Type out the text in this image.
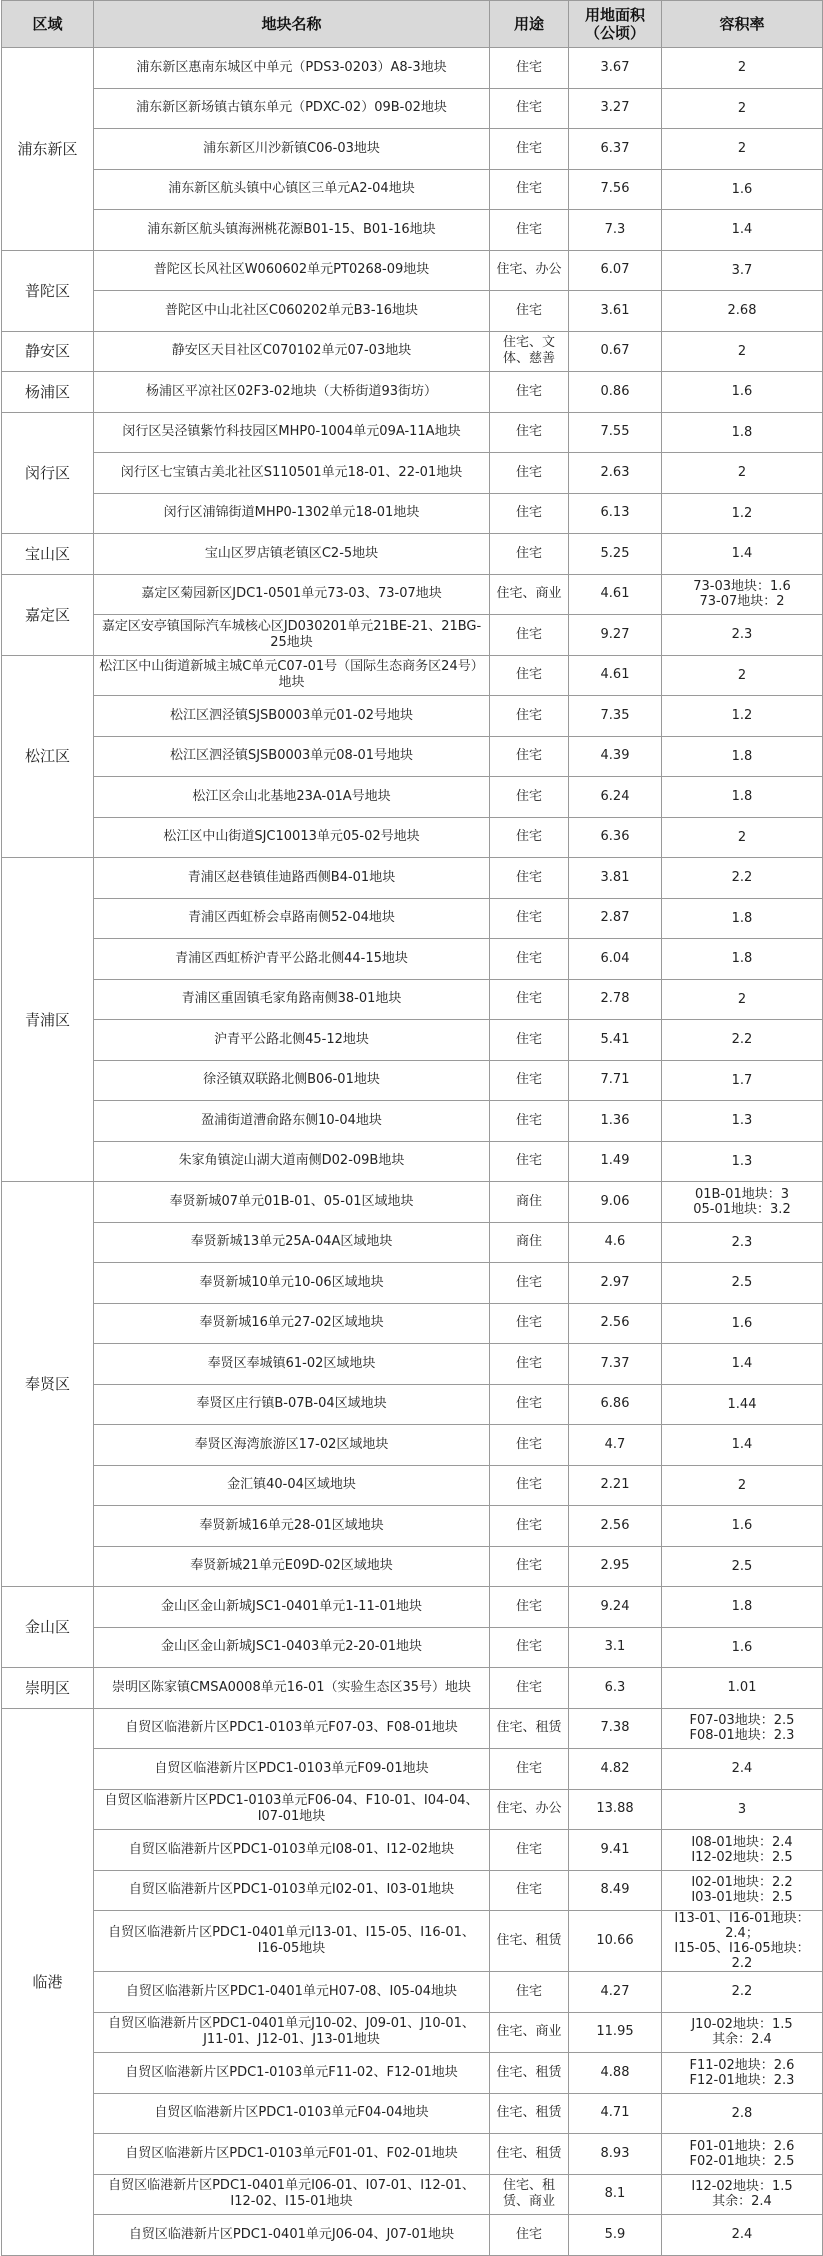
区域	地块名称	用途	用地面积
（公顷）	容积率
浦东新区	浦东新区惠南东城区中单元（PDS3-0203）A8-3地块	住宅	3.67	2
	浦东新区新场镇古镇东单元（PDXC-02）09B-02地块	住宅	3.27	2
	浦东新区川沙新镇C06-03地块	住宅	6.37	2
	浦东新区航头镇中心镇区三单元A2-04地块	住宅	7.56	1.6
	浦东新区航头镇海洲桃花源B01-15、B01-16地块	住宅	7.3	1.4
普陀区	普陀区长风社区W060602单元PT0268-09地块	住宅、办公	6.07	3.7
	普陀区中山北社区C060202单元B3-16地块	住宅	3.61	2.68
静安区	静安区天目社区C070102单元07-03地块	住宅、文体、慈善	0.67	2
杨浦区	杨浦区平凉社区02F3-02地块（大桥街道93街坊）	住宅	0.86	1.6
闵行区	闵行区吴泾镇紫竹科技园区MHP0-1004单元09A-11A地块	住宅	7.55	1.8
	闵行区七宝镇古美北社区S110501单元18-01、22-01地块	住宅	2.63	2
	闵行区浦锦街道MHP0-1302单元18-01地块	住宅	6.13	1.2
宝山区	宝山区罗店镇老镇区C2-5地块	住宅	5.25	1.4
嘉定区	嘉定区菊园新区JDC1-0501单元73-03、73-07地块	住宅、商业	4.61	73-03地块：1.6
73-07地块：2
	嘉定区安亭镇国际汽车城核心区JD030201单元21BE-21、21BG-25地块	住宅	9.27	2.3
松江区	松江区中山街道新城主城C单元C07-01号（国际生态商务区24号）地块	住宅	4.61	2
	松江区泗泾镇SJSB0003单元01-02号地块	住宅	7.35	1.2
	松江区泗泾镇SJSB0003单元08-01号地块	住宅	4.39	1.8
	松江区佘山北基地23A-01A号地块	住宅	6.24	1.8
	松江区中山街道SJC10013单元05-02号地块	住宅	6.36	2
青浦区	青浦区赵巷镇佳迪路西侧B4-01地块	住宅	3.81	2.2
	青浦区西虹桥会卓路南侧52-04地块	住宅	2.87	1.8
	青浦区西虹桥沪青平公路北侧44-15地块	住宅	6.04	1.8
	青浦区重固镇毛家角路南侧38-01地块	住宅	2.78	2
	沪青平公路北侧45-12地块	住宅	5.41	2.2
	徐泾镇双联路北侧B06-01地块	住宅	7.71	1.7
	盈浦街道漕俞路东侧10-04地块	住宅	1.36	1.3
	朱家角镇淀山湖大道南侧D02-09B地块	住宅	1.49	1.3
奉贤区	奉贤新城07单元01B-01、05-01区域地块	商住	9.06	01B-01地块：3
05-01地块：3.2
	奉贤新城13单元25A-04A区域地块	商住	4.6	2.3
	奉贤新城10单元10-06区域地块	住宅	2.97	2.5
	奉贤新城16单元27-02区域地块	住宅	2.56	1.6
	奉贤区奉城镇61-02区域地块	住宅	7.37	1.4
	奉贤区庄行镇B-07B-04区域地块	住宅	6.86	1.44
	奉贤区海湾旅游区17-02区域地块	住宅	4.7	1.4
	金汇镇40-04区域地块	住宅	2.21	2
	奉贤新城16单元28-01区域地块	住宅	2.56	1.6
	奉贤新城21单元E09D-02区域地块	住宅	2.95	2.5
金山区	金山区金山新城JSC1-0401单元1-11-01地块	住宅	9.24	1.8
	金山区金山新城JSC1-0403单元2-20-01地块	住宅	3.1	1.6
崇明区	崇明区陈家镇CMSA0008单元16-01（实验生态区35号）地块	住宅	6.3	1.01
临港	自贸区临港新片区PDC1-0103单元F07-03、F08-01地块	住宅、租赁	7.38	F07-03地块：2.5
F08-01地块：2.3
	自贸区临港新片区PDC1-0103单元F09-01地块	住宅	4.82	2.4
	自贸区临港新片区PDC1-0103单元F06-04、F10-01、I04-04、I07-01地块	住宅、办公	13.88	3
	自贸区临港新片区PDC1-0103单元I08-01、I12-02地块	住宅	9.41	I08-01地块：2.4
I12-02地块：2.5
	自贸区临港新片区PDC1-0103单元I02-01、I03-01地块	住宅	8.49	I02-01地块：2.2
I03-01地块：2.5
	自贸区临港新片区PDC1-0401单元I13-01、I15-05、I16-01、I16-05地块	住宅、租赁	10.66	I13-01、I16-01地块：2.4；
I15-05、I16-05地块：2.2
	自贸区临港新片区PDC1-0401单元H07-08、I05-04地块	住宅	4.27	2.2
	自贸区临港新片区PDC1-0401单元J10-02、J09-01、J10-01、J11-01、J12-01、J13-01地块	住宅、商业	11.95	J10-02地块：1.5
其余：2.4
	自贸区临港新片区PDC1-0103单元F11-02、F12-01地块	住宅、租赁	4.88	F11-02地块：2.6
F12-01地块：2.3
	自贸区临港新片区PDC1-0103单元F04-04地块	住宅、租赁	4.71	2.8
	自贸区临港新片区PDC1-0103单元F01-01、F02-01地块	住宅、租赁	8.93	F01-01地块：2.6
F02-01地块：2.5
	自贸区临港新片区PDC1-0401单元I06-01、I07-01、I12-01、I12-02、I15-01地块	住宅、租赁、商业	8.1	I12-02地块：1.5
其余：2.4
	自贸区临港新片区PDC1-0401单元J06-04、J07-01地块	住宅	5.9	2.4
